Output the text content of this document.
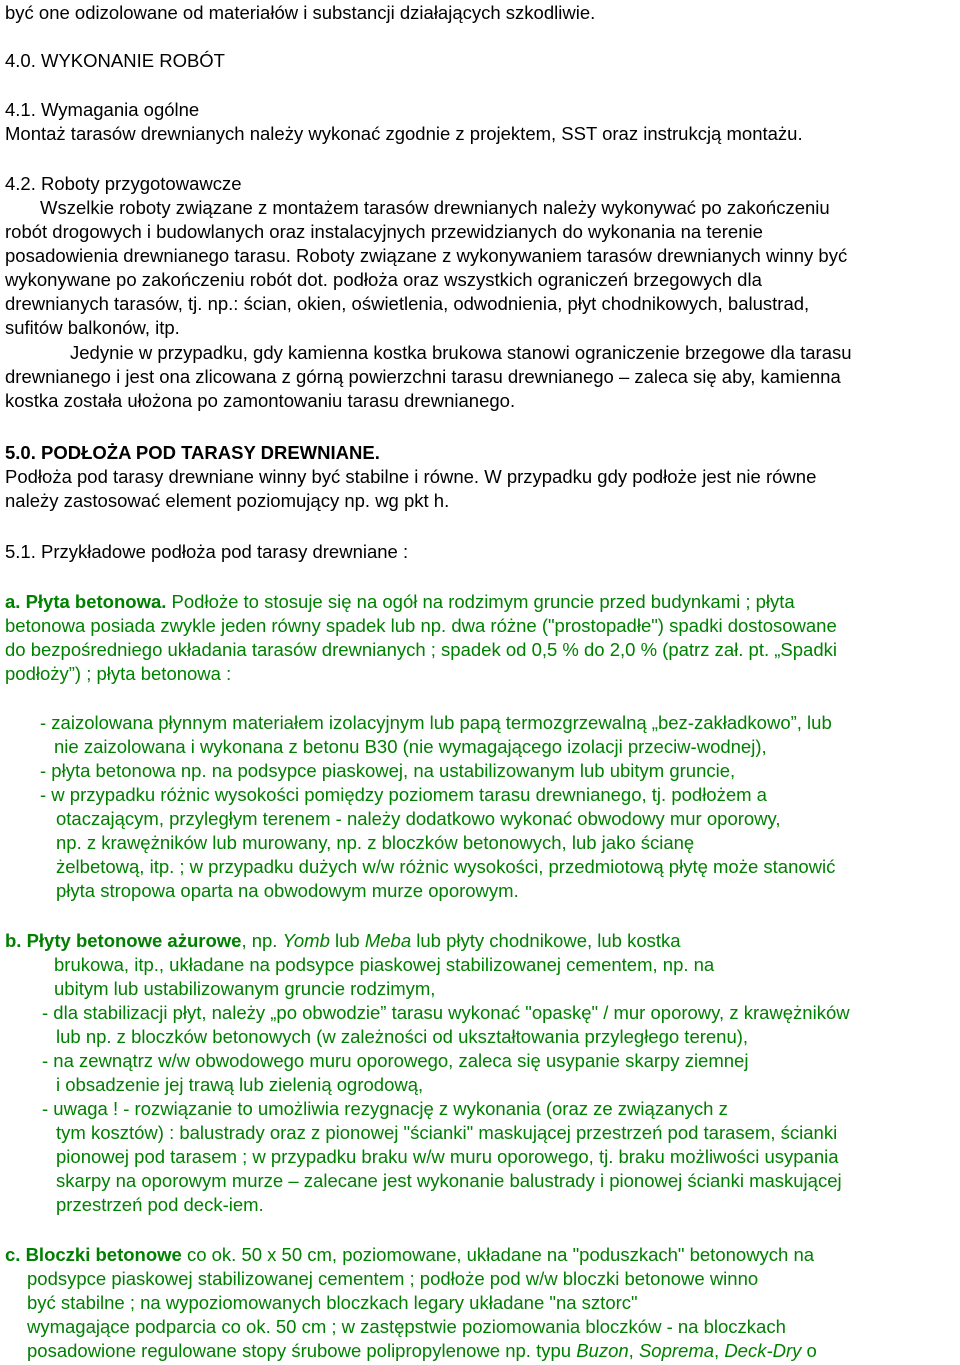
być one odizolowane od materiałów i substancji działających szkodliwie.
4.0. WYKONANIE ROBÓT
4.1. Wymagania ogólne
Montaż tarasów drewnianych należy wykonać zgodnie z projektem, SST oraz instrukcją montażu.
4.2. Roboty przygotowawcze
Wszelkie roboty związane z montażem tarasów drewnianych należy wykonywać po zakończeniu
robót drogowych i budowlanych oraz instalacyjnych przewidzianych do wykonania na terenie
posadowienia drewnianego tarasu. Roboty związane z wykonywaniem tarasów drewnianych winny być
wykonywane po zakończeniu robót dot. podłoża oraz wszystkich ograniczeń brzegowych dla
drewnianych tarasów, tj. np.: ścian, okien, oświetlenia, odwodnienia, płyt chodnikowych, balustrad,
sufitów balkonów, itp.
Jedynie w przypadku, gdy kamienna kostka brukowa stanowi ograniczenie brzegowe dla tarasu
drewnianego i jest ona zlicowana z górną powierzchni tarasu drewnianego – zaleca się aby, kamienna
kostka została ułożona po zamontowaniu tarasu drewnianego.
5.0. PODŁOŻA POD TARASY DREWNIANE.
Podłoża pod tarasy drewniane winny być stabilne i równe. W przypadku gdy podłoże jest nie równe
należy zastosować element poziomujący np. wg pkt h.
5.1. Przykładowe podłoża pod tarasy drewniane :
a. Płyta betonowa. Podłoże to stosuje się na ogół na rodzimym gruncie przed budynkami ; płyta
betonowa posiada zwykle jeden równy spadek lub np. dwa różne ("prostopadłe") spadki dostosowane
do bezpośredniego układania tarasów drewnianych ; spadek od 0,5 % do 2,0 % (patrz zał. pt. „Spadki
podłoży”) ; płyta betonowa :
- zaizolowana płynnym materiałem izolacyjnym lub papą termozgrzewalną „bez-zakładkowo”, lub
nie zaizolowana i wykonana z betonu B30 (nie wymagającego izolacji przeciw-wodnej),
- płyta betonowa np. na podsypce piaskowej, na ustabilizowanym lub ubitym gruncie,
- w przypadku różnic wysokości pomiędzy poziomem tarasu drewnianego, tj. podłożem a
otaczającym, przyległym terenem - należy dodatkowo wykonać obwodowy mur oporowy,
np. z krawężników lub murowany, np. z bloczków betonowych, lub jako ścianę
żelbetową, itp. ; w przypadku dużych w/w różnic wysokości, przedmiotową płytę może stanowić
płyta stropowa oparta na obwodowym murze oporowym.
b. Płyty betonowe ażurowe, np. Yomb lub Meba lub płyty chodnikowe, lub kostka
brukowa, itp., układane na podsypce piaskowej stabilizowanej cementem, np. na
ubitym lub ustabilizowanym gruncie rodzimym,
- dla stabilizacji płyt, należy „po obwodzie” tarasu wykonać "opaskę" / mur oporowy, z krawężników
lub np. z bloczków betonowych (w zależności od ukształtowania przyległego terenu),
- na zewnątrz w/w obwodowego muru oporowego, zaleca się usypanie skarpy ziemnej
i obsadzenie jej trawą lub zielenią ogrodową,
- uwaga ! - rozwiązanie to umożliwia rezygnację z wykonania (oraz ze związanych z
tym kosztów) : balustrady oraz z pionowej "ścianki" maskującej przestrzeń pod tarasem, ścianki
pionowej pod tarasem ; w przypadku braku w/w muru oporowego, tj. braku możliwości usypania
skarpy na oporowym murze – zalecane jest wykonanie balustrady i pionowej ścianki maskującej
przestrzeń pod deck-iem.
c. Bloczki betonowe co ok. 50 x 50 cm, poziomowane, układane na "poduszkach" betonowych na
podsypce piaskowej stabilizowanej cementem ; podłoże pod w/w bloczki betonowe winno
być stabilne ; na wypoziomowanych bloczkach legary układane "na sztorc"
wymagające podparcia co ok. 50 cm ; w zastępstwie poziomowania bloczków - na bloczkach
posadowione regulowane stopy śrubowe polipropylenowe np. typu Buzon, Soprema, Deck-Dry o
